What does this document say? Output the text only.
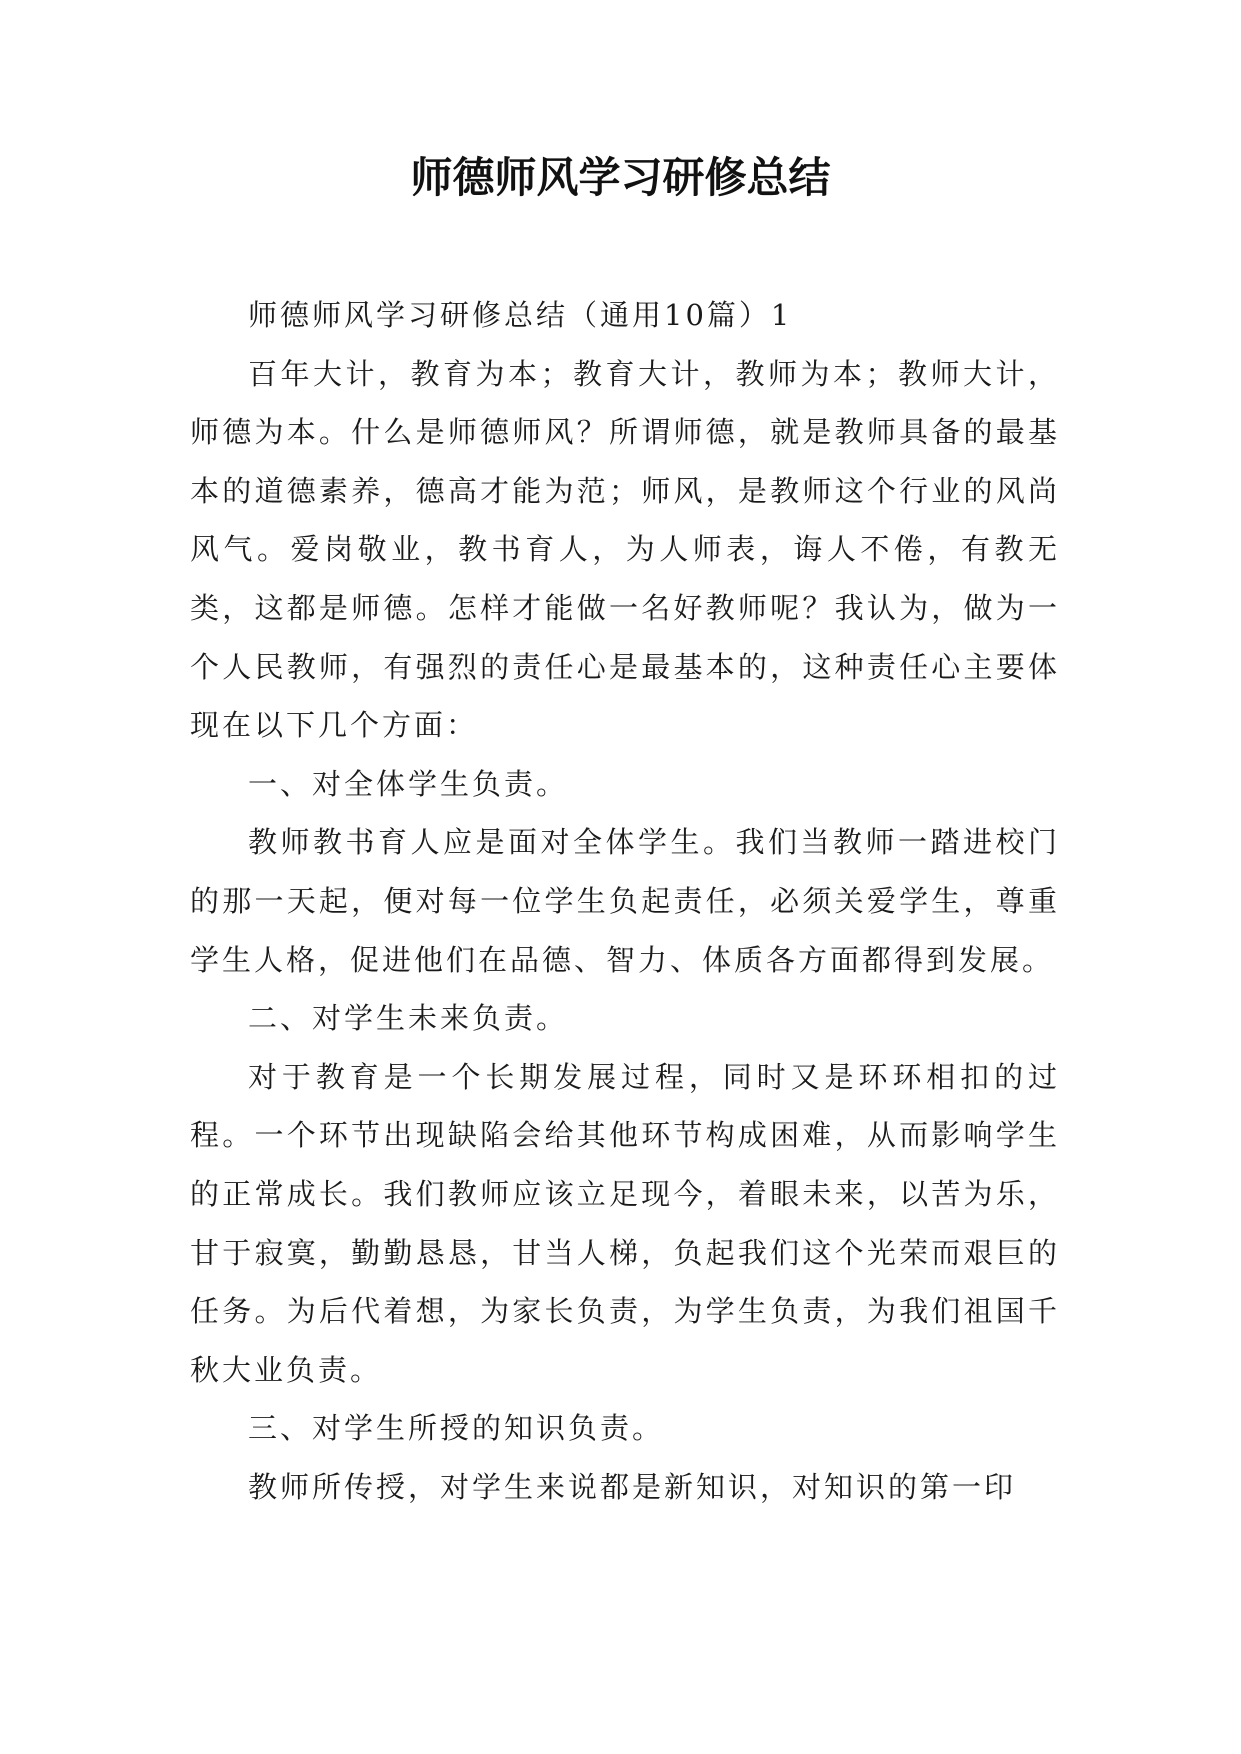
师德师风学习研修总结

师德师风学习研修总结（通用10篇）1

百年大计，教育为本；教育大计，教师为本；教师大计，师德为本。什么是师德师风？所谓师德，就是教师具备的最基本的道德素养，德高才能为范；师风，是教师这个行业的风尚风气。爱岗敬业，教书育人，为人师表，诲人不倦，有教无类，这都是师德。怎样才能做一名好教师呢？我认为，做为一个人民教师，有强烈的责任心是最基本的，这种责任心主要体现在以下几个方面：

一、对全体学生负责。

教师教书育人应是面对全体学生。我们当教师一踏进校门的那一天起，便对每一位学生负起责任，必须关爱学生，尊重学生人格，促进他们在品德、智力、体质各方面都得到发展。

二、对学生未来负责。

对于教育是一个长期发展过程，同时又是环环相扣的过程。一个环节出现缺陷会给其他环节构成困难，从而影响学生的正常成长。我们教师应该立足现今，着眼未来，以苦为乐，甘于寂寞，勤勤恳恳，甘当人梯，负起我们这个光荣而艰巨的任务。为后代着想，为家长负责，为学生负责，为我们祖国千秋大业负责。

三、对学生所授的知识负责。

教师所传授，对学生来说都是新知识，对知识的第一印
